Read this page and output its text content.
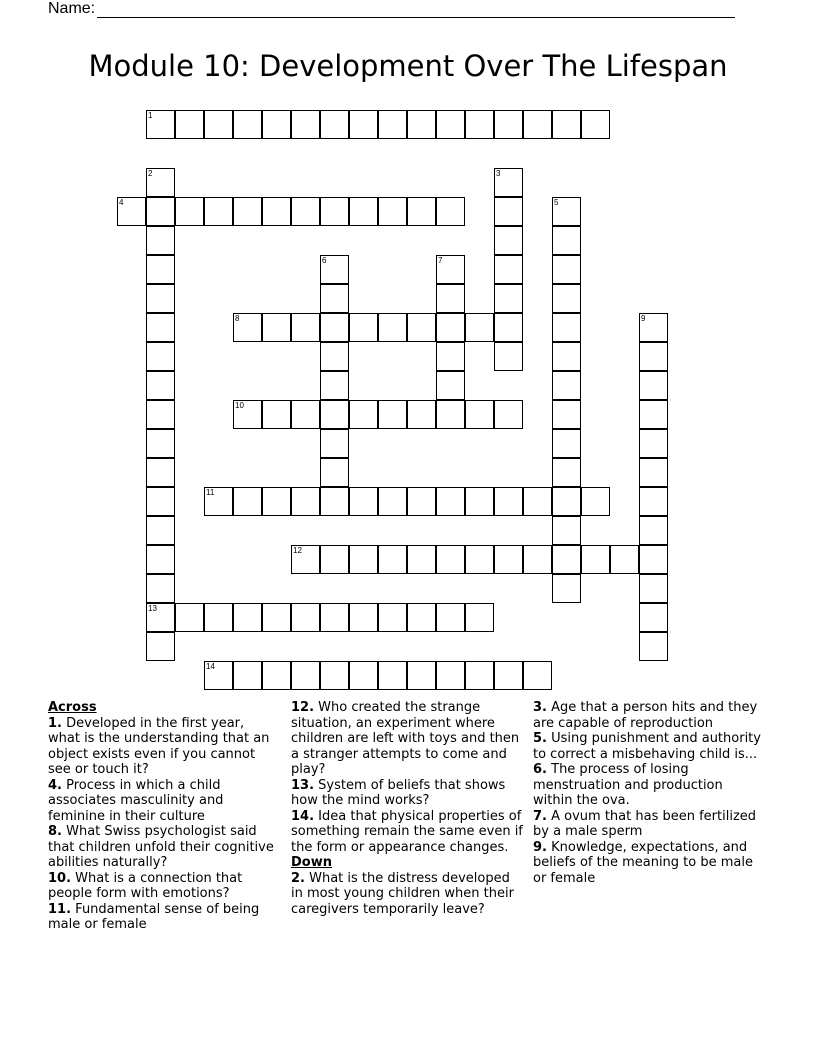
Name:
Module 10: Development Over The Lifespan
1
4
8
10
11
12
13
14
2	3
5
6	7
9

Across

1. Developed in the first year, what is the understanding that an object exists even if you cannot see or touch it?

4. Process in which a child associates masculinity and feminine in their culture

8. What Swiss psychologist said that children unfold their cognitive abilities naturally?

10. What is a connection that people form with emotions?

11. Fundamental sense of being male or female

12. Who created the strange situation, an experiment where children are left with toys and then a stranger attempts to come and play?

13. System of beliefs that shows how the mind works?

14. Idea that physical properties of something remain the same even if the form or appearance changes.

Down

2. What is the distress developed in most young children when their caregivers temporarily leave?

3. Age that a person hits and they are capable of reproduction

5. Using punishment and authority to correct a misbehaving child is...

6. The process of losing menstruation and production within the ova.

7. A ovum that has been fertilized by a male sperm

9. Knowledge, expectations, and beliefs of the meaning to be male or female
